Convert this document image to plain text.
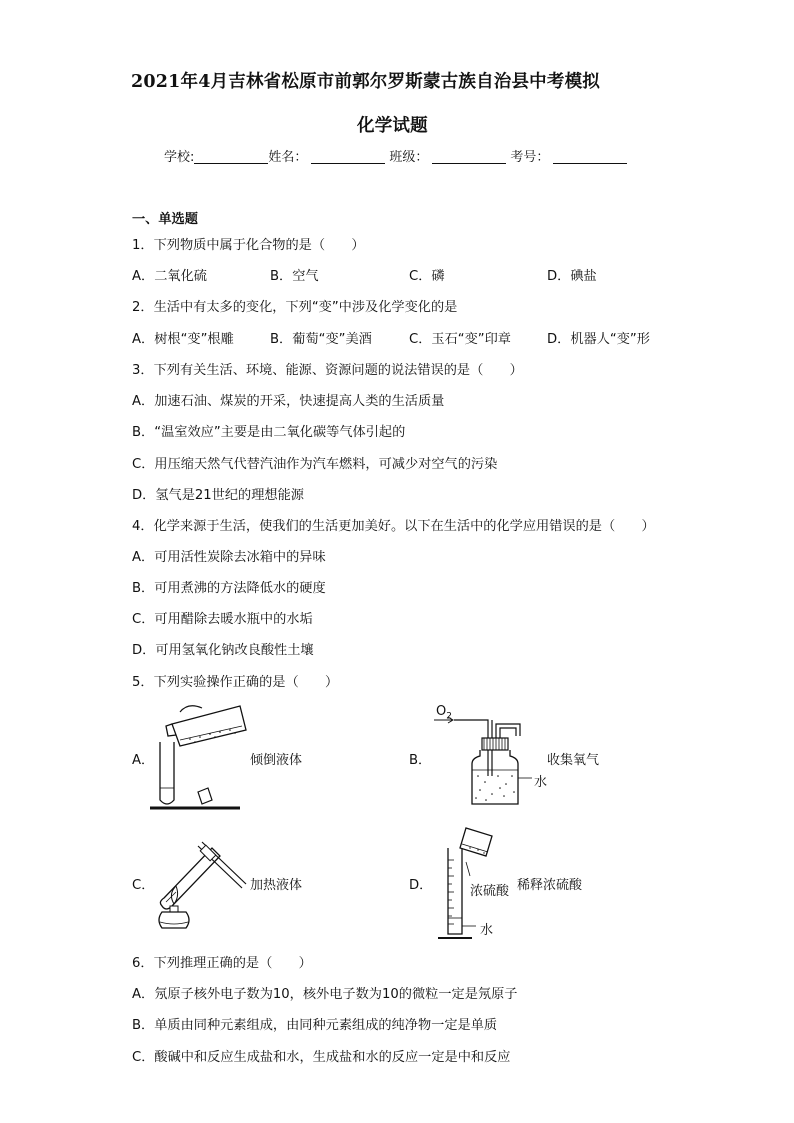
2021年4月吉林省松原市前郭尔罗斯蒙古族自治县中考模拟
化学试题
学校:	姓名：	班级：	考号：
一、单选题
1．下列物质中属于化合物的是（　　）
A．二氧化硫	B．空气	C．磷	D．碘盐
2．生活中有太多的变化，下列“变”中涉及化学变化的是
A．树根“变”根雕	B．葡萄“变”美酒	C．玉石“变”印章	D．机器人“变”形
3．下列有关生活、环境、能源、资源问题的说法错误的是（　　）
A．加速石油、煤炭的开采，快速提高人类的生活质量
B．“温室效应”主要是由二氧化碳等气体引起的
C．用压缩天然气代替汽油作为汽车燃料，可减少对空气的污染
D．氢气是21世纪的理想能源
4．化学来源于生活，使我们的生活更加美好。以下在生活中的化学应用错误的是（　　）
A．可用活性炭除去冰箱中的异味
B．可用煮沸的方法降低水的硬度
C．可用醋除去暖水瓶中的水垢
D．可用氢氧化钠改良酸性土壤
5．下列实验操作正确的是（　　）
A．	倾倒液体	B．
$O_2$
水
收集氧气
C．	加热液体	D．	浓硫酸
水
稀释浓硫酸
6．下列推理正确的是（　　）
A．氖原子核外电子数为10，核外电子数为10的微粒一定是氖原子
B．单质由同种元素组成，由同种元素组成的纯净物一定是单质
C．酸碱中和反应生成盐和水，生成盐和水的反应一定是中和反应
